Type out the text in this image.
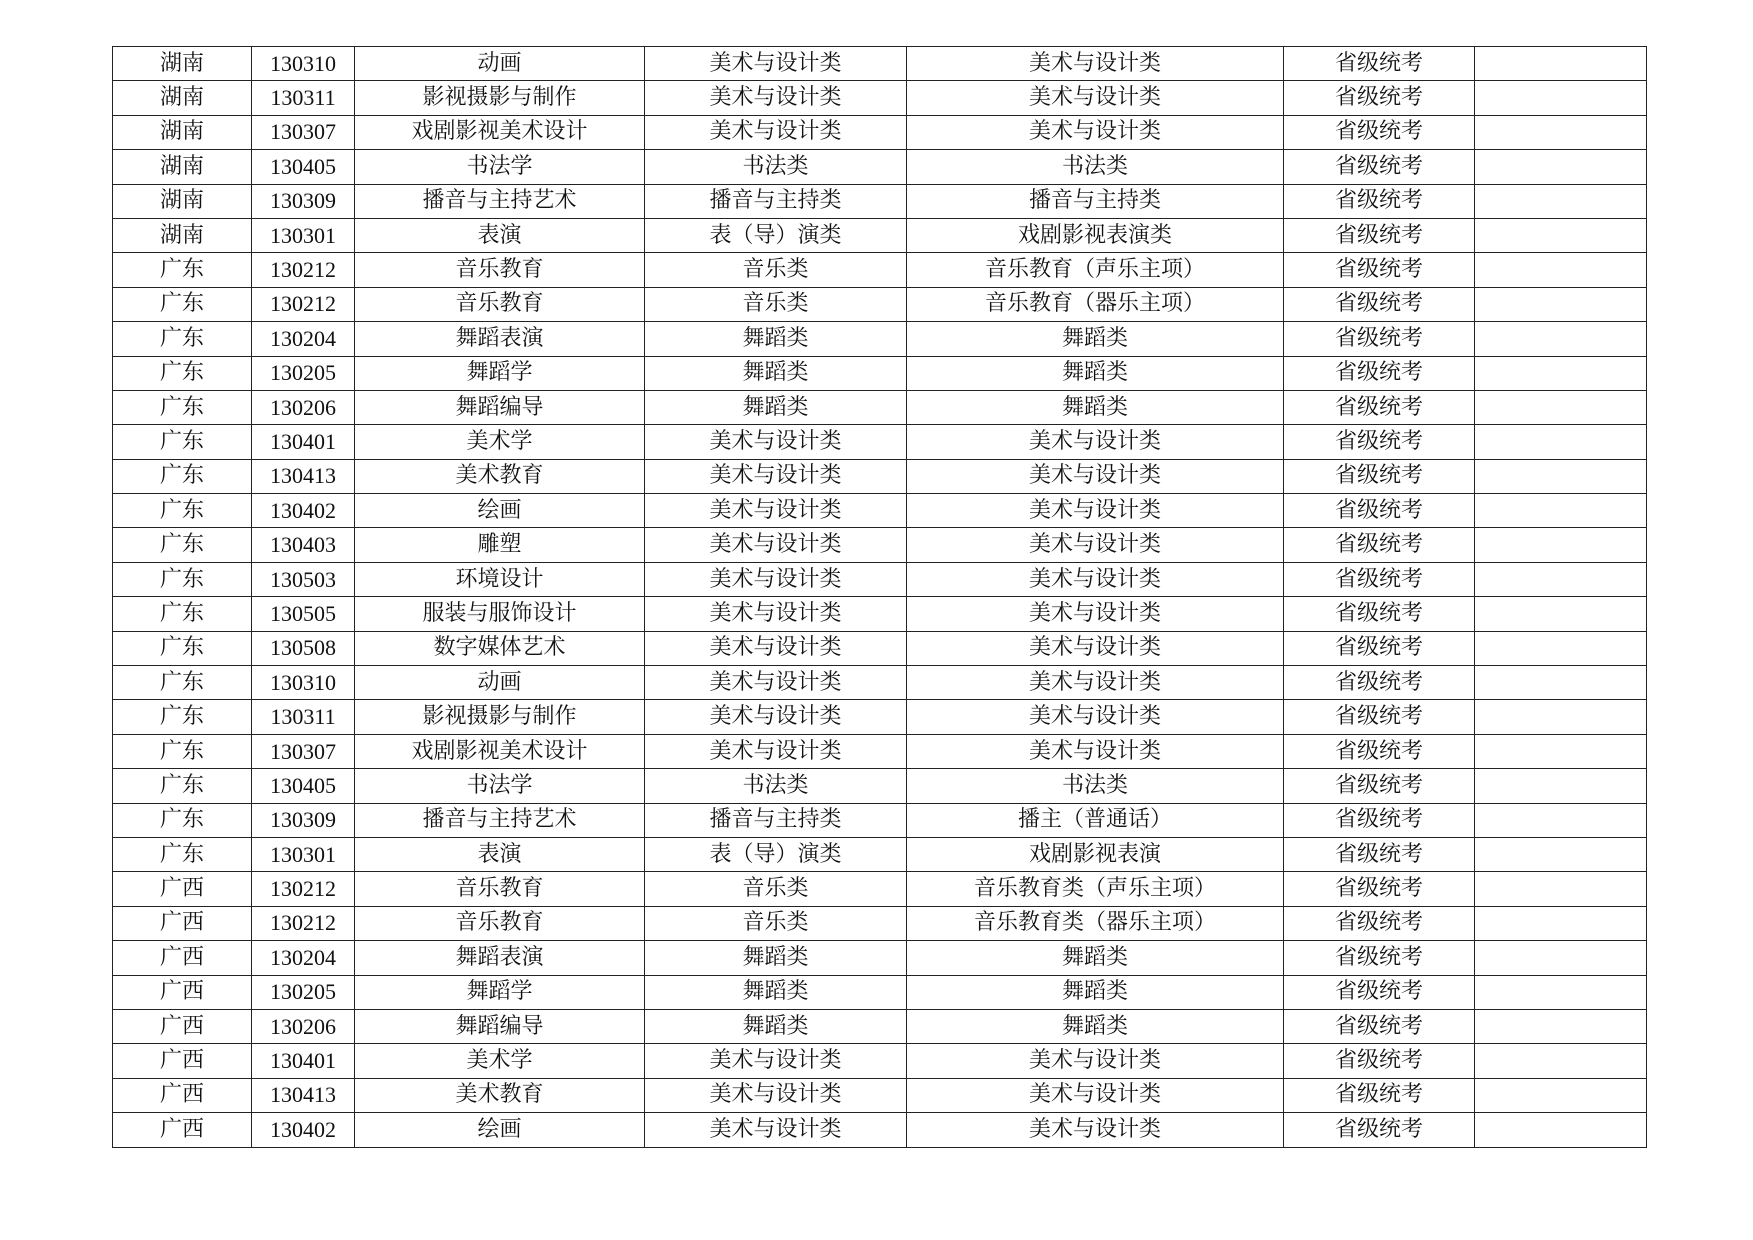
湖南	130310	动画	美术与设计类	美术与设计类	省级统考	
湖南	130311	影视摄影与制作	美术与设计类	美术与设计类	省级统考	
湖南	130307	戏剧影视美术设计	美术与设计类	美术与设计类	省级统考	
湖南	130405	书法学	书法类	书法类	省级统考	
湖南	130309	播音与主持艺术	播音与主持类	播音与主持类	省级统考	
湖南	130301	表演	表（导）演类	戏剧影视表演类	省级统考	
广东	130212	音乐教育	音乐类	音乐教育（声乐主项）	省级统考	
广东	130212	音乐教育	音乐类	音乐教育（器乐主项）	省级统考	
广东	130204	舞蹈表演	舞蹈类	舞蹈类	省级统考	
广东	130205	舞蹈学	舞蹈类	舞蹈类	省级统考	
广东	130206	舞蹈编导	舞蹈类	舞蹈类	省级统考	
广东	130401	美术学	美术与设计类	美术与设计类	省级统考	
广东	130413	美术教育	美术与设计类	美术与设计类	省级统考	
广东	130402	绘画	美术与设计类	美术与设计类	省级统考	
广东	130403	雕塑	美术与设计类	美术与设计类	省级统考	
广东	130503	环境设计	美术与设计类	美术与设计类	省级统考	
广东	130505	服装与服饰设计	美术与设计类	美术与设计类	省级统考	
广东	130508	数字媒体艺术	美术与设计类	美术与设计类	省级统考	
广东	130310	动画	美术与设计类	美术与设计类	省级统考	
广东	130311	影视摄影与制作	美术与设计类	美术与设计类	省级统考	
广东	130307	戏剧影视美术设计	美术与设计类	美术与设计类	省级统考	
广东	130405	书法学	书法类	书法类	省级统考	
广东	130309	播音与主持艺术	播音与主持类	播主（普通话）	省级统考	
广东	130301	表演	表（导）演类	戏剧影视表演	省级统考	
广西	130212	音乐教育	音乐类	音乐教育类（声乐主项）	省级统考	
广西	130212	音乐教育	音乐类	音乐教育类（器乐主项）	省级统考	
广西	130204	舞蹈表演	舞蹈类	舞蹈类	省级统考	
广西	130205	舞蹈学	舞蹈类	舞蹈类	省级统考	
广西	130206	舞蹈编导	舞蹈类	舞蹈类	省级统考	
广西	130401	美术学	美术与设计类	美术与设计类	省级统考	
广西	130413	美术教育	美术与设计类	美术与设计类	省级统考	
广西	130402	绘画	美术与设计类	美术与设计类	省级统考	
